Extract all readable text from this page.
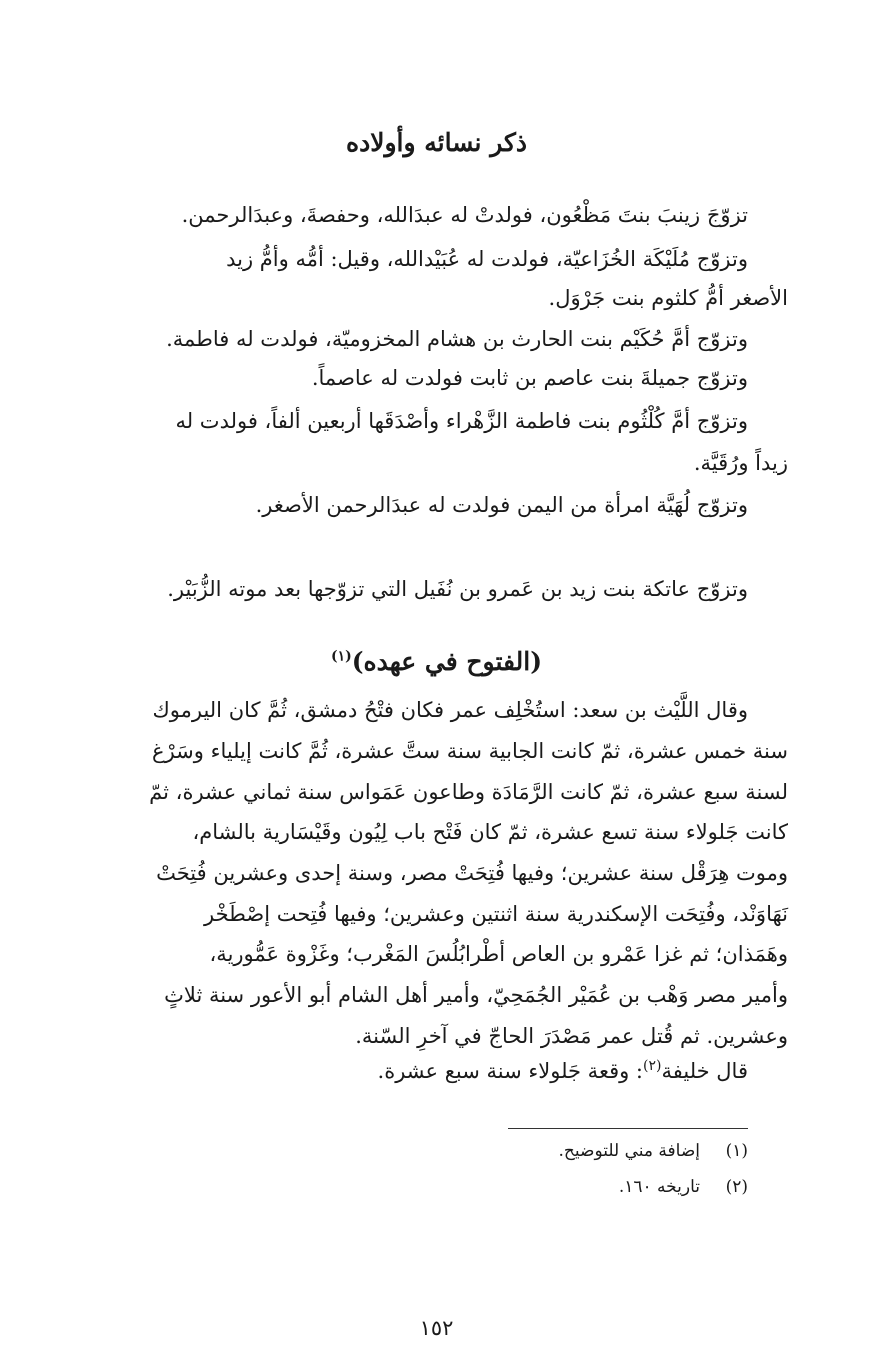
ذكر نسائه وأولاده
تزوّجَ زينبَ بنتَ مَظْعُون، فولدتْ له عبدَالله، وحفصةَ، وعبدَالرحمن.
وتزوّج مُلَيْكَة الخُزَاعيّة، فولدت له عُبَيْدالله، وقيل: أمُّه وأمُّ زيد
الأصغر أمُّ كلثوم بنت جَرْوَل.
وتزوّج أمَّ حُكَيْم بنت الحارث بن هشام المخزوميّة، فولدت له فاطمة.
وتزوّج جميلةَ بنت عاصم بن ثابت فولدت له عاصماً.
وتزوّج أمَّ كُلْثُوم بنت فاطمة الزَّهْراء وأصْدَقَها أربعين ألفاً، فولدت له
زيداً ورُقَيَّة.
وتزوّج لُهَيَّة امرأة من اليمن فولدت له عبدَالرحمن الأصغر.
وتزوّج عاتكة بنت زيد بن عَمرو بن نُفَيل التي تزوّجها بعد موته الزُّبَيْر.
(الفتوح في عهده)$^{(١)}$
وقال اللَّيْث بن سعد: استُخْلِف عمر فكان فتْحُ دمشق، ثُمَّ كان اليرموك
سنة خمس عشرة، ثمّ كانت الجابية سنة ستَّ عشرة، ثُمَّ كانت إيلياء وسَرْغ
لسنة سبع عشرة، ثمّ كانت الرَّمَادَة وطاعون عَمَواس سنة ثماني عشرة، ثمّ
كانت جَلولاء سنة تسع عشرة، ثمّ كان فَتْح باب لِيُون وقَيْسَارية بالشام،
وموت هِرَقْل سنة عشرين؛ وفيها فُتِحَتْ مصر، وسنة إحدى وعشرين فُتِحَتْ
نَهَاوَنْد، وفُتِحَت الإسكندرية سنة اثنتين وعشرين؛ وفيها فُتِحت إصْطَخْر
وهَمَذان؛ ثم غزا عَمْرو بن العاص أطْرابُلُسَ المَغْرب؛ وغَزْوة عَمُّورية،
وأمير مصر وَهْب بن عُمَيْر الجُمَحِيّ، وأمير أهل الشام أبو الأعور سنة ثلاثٍ
وعشرين. ثم قُتل عمر مَصْدَرَ الحاجّ في آخرِ السّنة.
قال خليفة$^{(٢)}$: وقعة جَلولاء سنة سبع عشرة.
(١)إضافة مني للتوضيح.
(٢)تاريخه ١٦٠.
١٥٢
